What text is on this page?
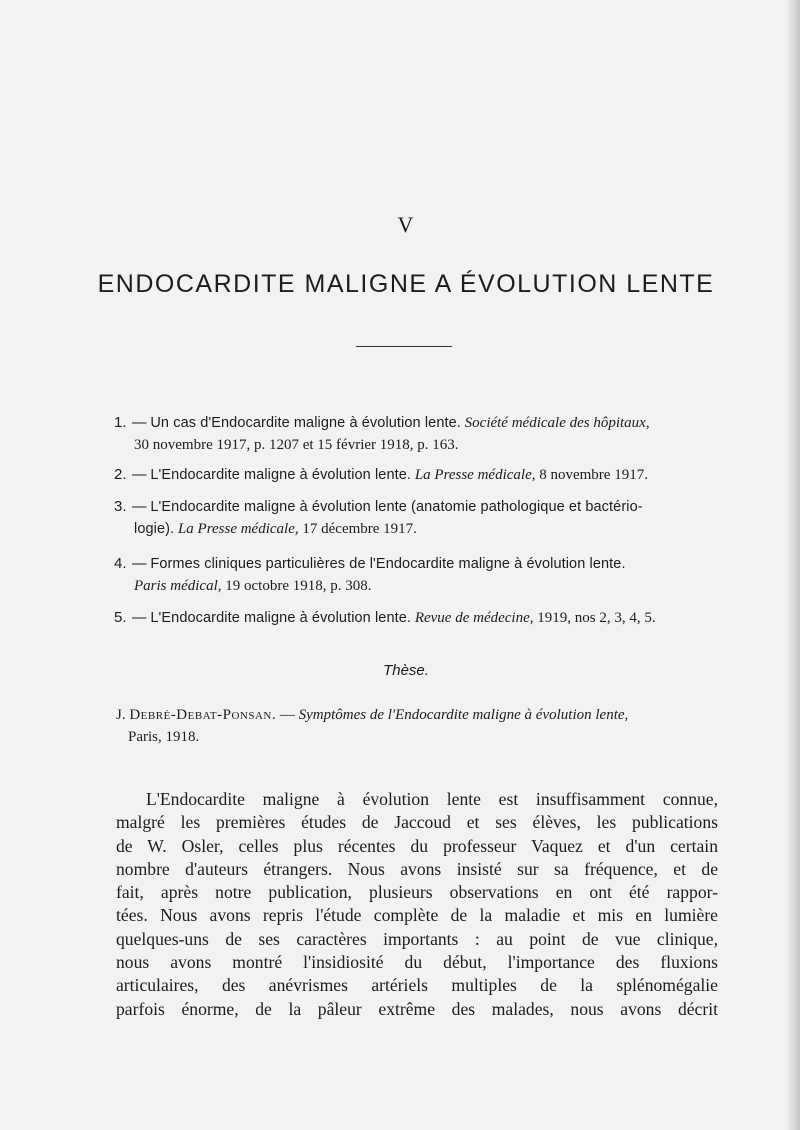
V
ENDOCARDITE MALIGNE A ÉVOLUTION LENTE
1. — Un cas d'Endocardite maligne à évolution lente. Société médicale des hôpitaux,
30 novembre 1917, p. 1207 et 15 février 1918, p. 163.
2. — L'Endocardite maligne à évolution lente. La Presse médicale, 8 novembre 1917.
3. — L'Endocardite maligne à évolution lente (anatomie pathologique et bactério-
logie). La Presse médicale, 17 décembre 1917.
4. — Formes cliniques particulières de l'Endocardite maligne à évolution lente.
Paris médical, 19 octobre 1918, p. 308.
5. — L'Endocardite maligne à évolution lente. Revue de médecine, 1919, nos 2, 3, 4, 5.
Thèse.
J. Debré-Debat-Ponsan. — Symptômes de l'Endocardite maligne à évolution lente,
Paris, 1918.
L'Endocardite maligne à évolution lente est insuffisamment connue,
malgré les premières études de Jaccoud et ses élèves, les publications
de W. Osler, celles plus récentes du professeur Vaquez et d'un certain
nombre d'auteurs étrangers. Nous avons insisté sur sa fréquence, et de
fait, après notre publication, plusieurs observations en ont été rappor-
tées. Nous avons repris l'étude complète de la maladie et mis en lumière
quelques-uns de ses caractères importants : au point de vue clinique,
nous avons montré l'insidiosité du début, l'importance des fluxions
articulaires, des anévrismes artériels multiples de la splénomégalie
parfois énorme, de la pâleur extrême des malades, nous avons décrit
